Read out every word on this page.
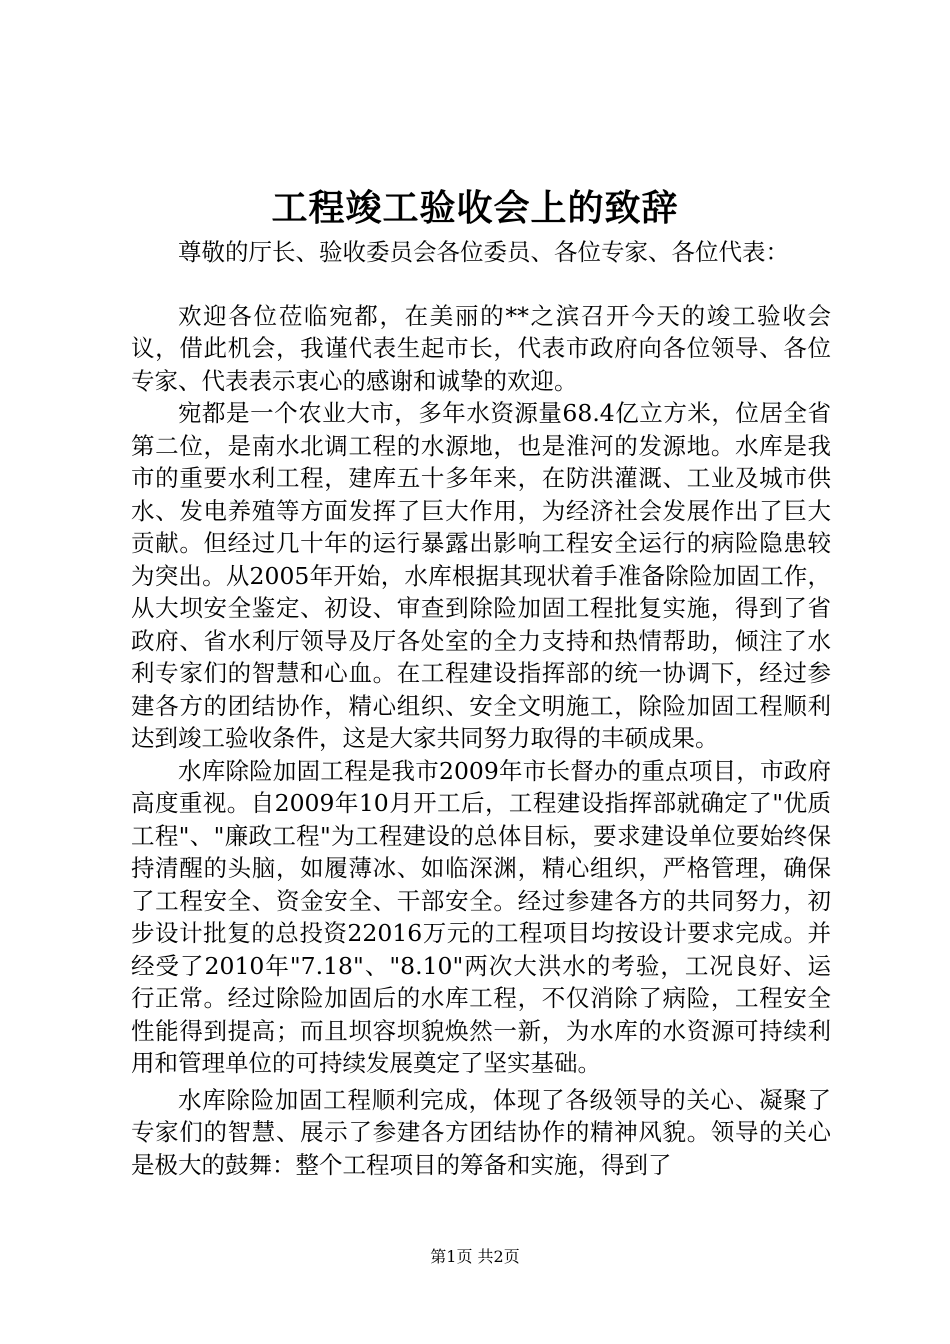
工程竣工验收会上的致辞

尊敬的厅长、验收委员会各位委员、各位专家、各位代表：

欢迎各位莅临宛都，在美丽的**之滨召开今天的竣工验收会议，借此机会，我谨代表生起市长，代表市政府向各位领导、各位专家、代表表示衷心的感谢和诚挚的欢迎。

宛都是一个农业大市，多年水资源量68.4亿立方米，位居全省第二位，是南水北调工程的水源地，也是淮河的发源地。水库是我市的重要水利工程，建库五十多年来，在防洪灌溉、工业及城市供水、发电养殖等方面发挥了巨大作用，为经济社会发展作出了巨大贡献。但经过几十年的运行暴露出影响工程安全运行的病险隐患较为突出。从2005年开始，水库根据其现状着手准备除险加固工作，从大坝安全鉴定、初设、审查到除险加固工程批复实施，得到了省政府、省水利厅领导及厅各处室的全力支持和热情帮助，倾注了水利专家们的智慧和心血。在工程建设指挥部的统一协调下，经过参建各方的团结协作，精心组织、安全文明施工，除险加固工程顺利达到竣工验收条件，这是大家共同努力取得的丰硕成果。

水库除险加固工程是我市2009年市长督办的重点项目，市政府高度重视。自2009年10月开工后，工程建设指挥部就确定了"优质工程"、"廉政工程"为工程建设的总体目标，要求建设单位要始终保持清醒的头脑，如履薄冰、如临深渊，精心组织，严格管理，确保了工程安全、资金安全、干部安全。经过参建各方的共同努力，初步设计批复的总投资22016万元的工程项目均按设计要求完成。并经受了2010年"7.18"、"8.10"两次大洪水的考验，工况良好、运行正常。经过除险加固后的水库工程，不仅消除了病险，工程安全性能得到提高；而且坝容坝貌焕然一新，为水库的水资源可持续利用和管理单位的可持续发展奠定了坚实基础。

水库除险加固工程顺利完成，体现了各级领导的关心、凝聚了专家们的智慧、展示了参建各方团结协作的精神风貌。领导的关心是极大的鼓舞：整个工程项目的筹备和实施，得到了

第1页 共2页
